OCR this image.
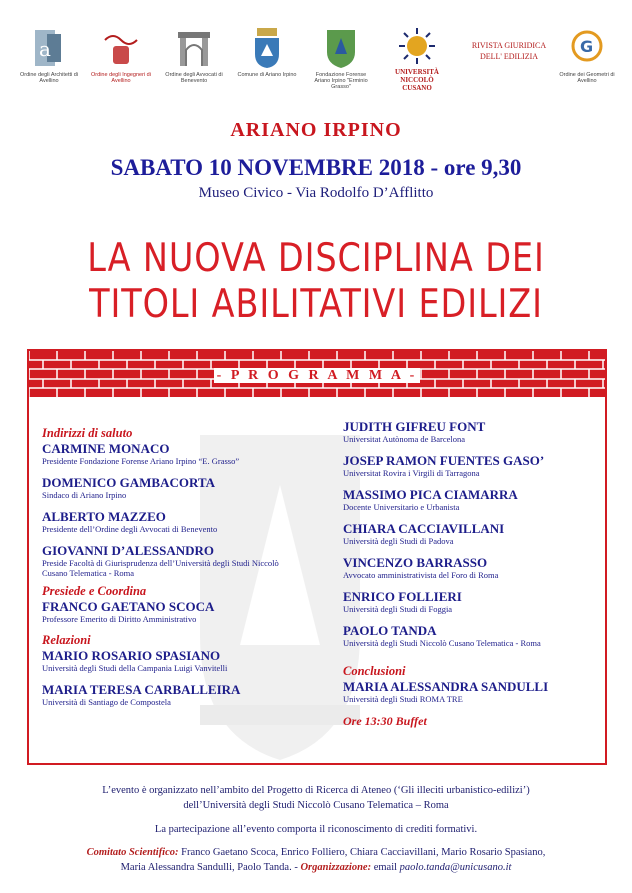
a
Ordine degli Architetti di Avellino
Ordine degli Ingegneri di Avellino
Ordine degli Avvocati di Benevento
Comune di Ariano Irpino	Fondazione Forense Ariano Irpino "Erminio Grasso"
UNIVERSITÀ NICCOLÒ CUSANO
RIVISTA GIURIDICA DELL' EDILIZIA
G
Ordine dei Geometri di Avellino
ARIANO IRPINO
SABATO 10 NOVEMBRE 2018 - ore 9,30
Museo Civico - Via Rodolfo D’Afflitto
LA NUOVA DISCIPLINA DEI
TITOLI ABILITATIVI EDILIZI
- P R O G R A M M A -
Indirizzi di saluto
CARMINE MONACO
Presidente Fondazione Forense Ariano Irpino “E. Grasso”
DOMENICO GAMBACORTA
Sindaco di Ariano Irpino
ALBERTO MAZZEO
Presidente dell’Ordine degli Avvocati di Benevento
GIOVANNI D’ALESSANDRO
Preside Facoltà di Giurisprudenza dell’Università degli Studi Niccolò Cusano Telematica - Roma
Presiede e Coordina
FRANCO GAETANO SCOCA
Professore Emerito di Diritto Amministrativo
Relazioni
MARIO ROSARIO SPASIANO
Università degli Studi della Campania Luigi Vanvitelli
MARIA TERESA CARBALLEIRA
Università di Santiago de Compostela
JUDITH GIFREU FONT
Universitat Autònoma de Barcelona
JOSEP RAMON FUENTES GASO’
Universitat Rovira i Virgili di Tarragona
MASSIMO PICA CIAMARRA
Docente Universitario e Urbanista
CHIARA CACCIAVILLANI
Università degli Studi di Padova
VINCENZO BARRASSO
Avvocato amministrativista del Foro di Roma
ENRICO FOLLIERI
Università degli Studi di Foggia
PAOLO TANDA
Università degli Studi Niccolò Cusano Telematica - Roma
Conclusioni
MARIA ALESSANDRA SANDULLI
Università degli Studi ROMA TRE
Ore 13:30 Buffet

L’evento è organizzato nell’ambito del Progetto di Ricerca di Ateneo (‘Gli illeciti urbanistico-edilizi’)

dell’Università degli Studi Niccolò Cusano Telematica – Roma

La partecipazione all’evento comporta il riconoscimento di crediti formativi.

Comitato Scientifico: Franco Gaetano Scoca, Enrico Folliero, Chiara Cacciavillani, Mario Rosario Spasiano,

Maria Alessandra Sandulli, Paolo Tanda. - Organizzazione: email paolo.tanda@unicusano.it
